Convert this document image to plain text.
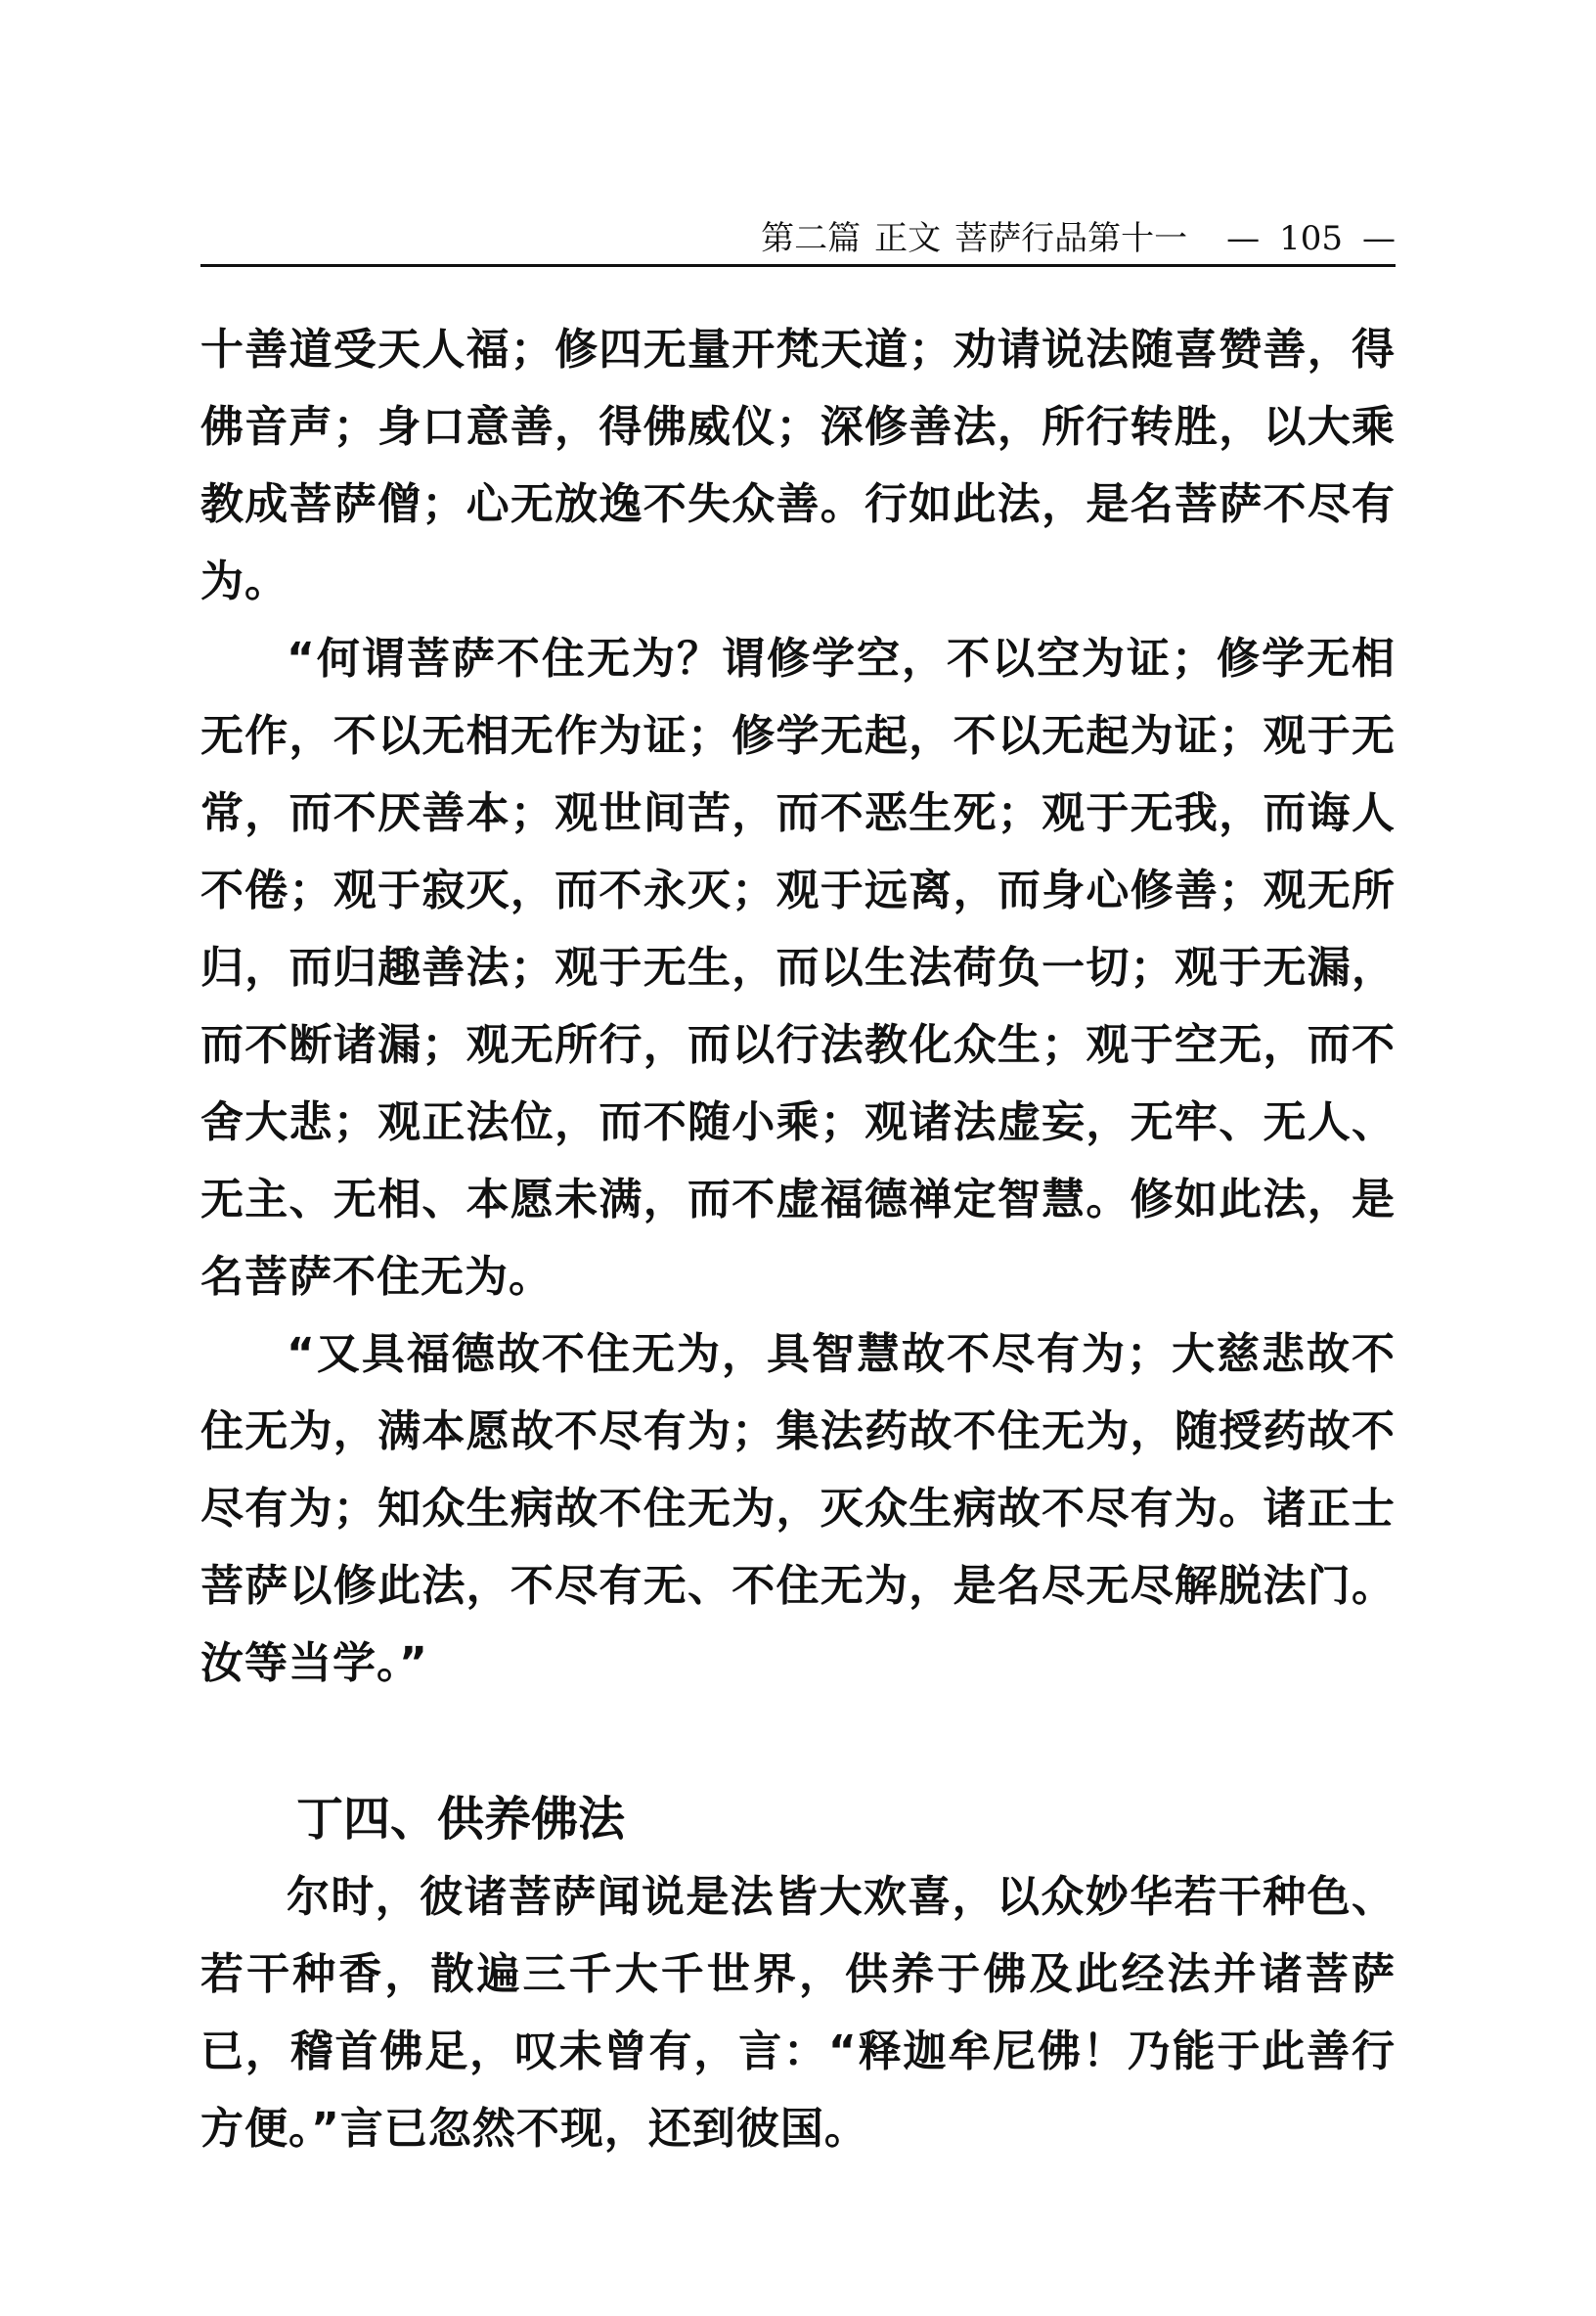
第二篇 正文 菩萨行品第十一 — 105 —

十善道受天人福；修四无量开梵天道；劝请说法随喜赞善，得佛音声；身口意善，得佛威仪；深修善法，所行转胜，以大乘教成菩萨僧；心无放逸不失众善。行如此法，是名菩萨不尽有为。

“何谓菩萨不住无为？谓修学空，不以空为证；修学无相无作，不以无相无作为证；修学无起，不以无起为证；观于无常，而不厌善本；观世间苦，而不恶生死；观于无我，而诲人不倦；观于寂灭，而不永灭；观于远离，而身心修善；观无所归，而归趣善法；观于无生，而以生法荷负一切；观于无漏，而不断诸漏；观无所行，而以行法教化众生；观于空无，而不舍大悲；观正法位，而不随小乘；观诸法虚妄，无牢、无人、无主、无相、本愿未满，而不虚福德禅定智慧。修如此法，是名菩萨不住无为。

“又具福德故不住无为，具智慧故不尽有为；大慈悲故不住无为，满本愿故不尽有为；集法药故不住无为，随授药故不尽有为；知众生病故不住无为，灭众生病故不尽有为。诸正士菩萨以修此法，不尽有无、不住无为，是名尽无尽解脱法门。汝等当学。”

丁四、供养佛法

尔时，彼诸菩萨闻说是法皆大欢喜，以众妙华若干种色、若干种香，散遍三千大千世界，供养于佛及此经法并诸菩萨已，稽首佛足，叹未曾有，言：“释迦牟尼佛！乃能于此善行方便。”言已忽然不现，还到彼国。
